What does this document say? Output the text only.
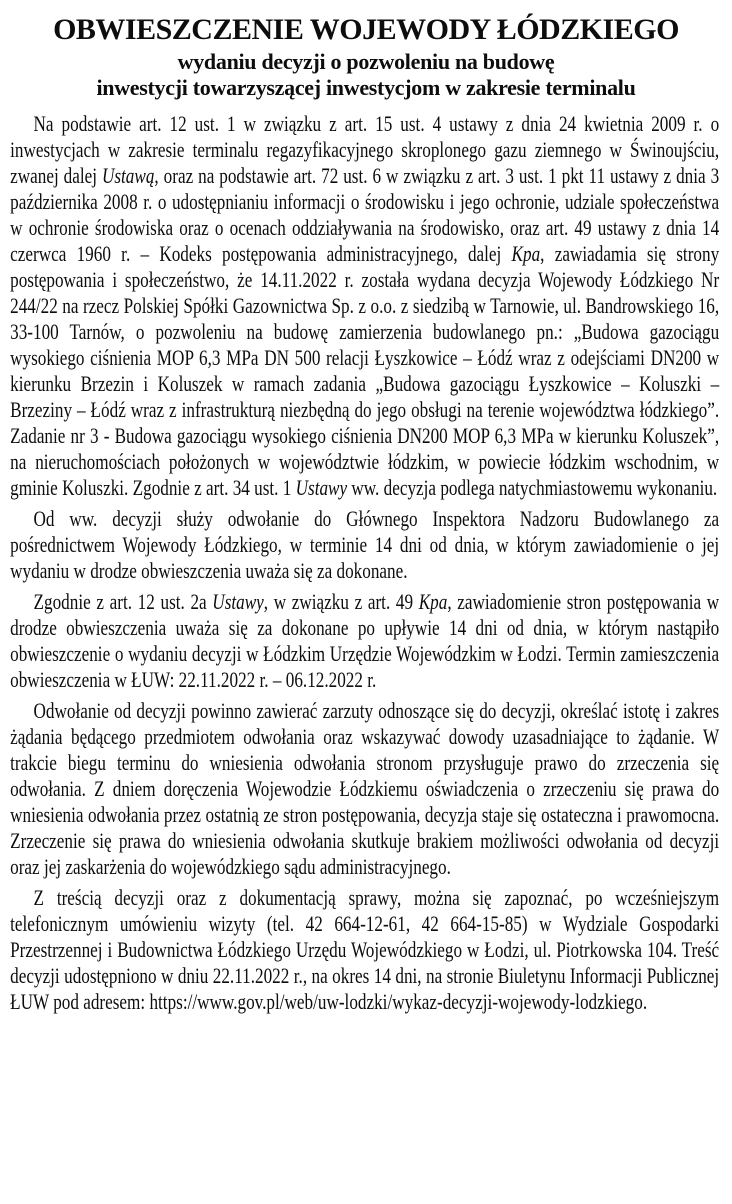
OBWIESZCZENIE WOJEWODY ŁÓDZKIEGO
wydaniu decyzji o pozwoleniu na budowę
inwestycji towarzyszącej inwestycjom w zakresie terminalu

Na podstawie art. 12 ust. 1 w związku z art. 15 ust. 4 ustawy z dnia 24 kwietnia 2009 r. o inwestycjach w zakresie terminalu regazyfikacyjnego skroplonego gazu ziemnego w Świnoujściu, zwanej dalej Ustawą, oraz na podstawie art. 72 ust. 6 w związku z art. 3 ust. 1 pkt 11 ustawy z dnia 3 października 2008 r. o udostępnianiu informacji o środowisku i jego ochronie, udziale społeczeństwa w ochronie środowiska oraz o ocenach oddziaływania na środowisko, oraz art. 49 ustawy z dnia 14 czerwca 1960 r. – Kodeks postępowania administracyjnego, dalej Kpa, zawiadamia się strony postępowania i społeczeństwo, że 14.11.2022 r. została wydana decyzja Wojewody Łódzkiego Nr 244/22 na rzecz Polskiej Spółki Gazownictwa Sp. z o.o. z siedzibą w Tarnowie, ul. Bandrowskiego 16, 33-100 Tarnów, o pozwoleniu na budowę zamierzenia budowlanego pn.: „Budowa gazociągu wysokiego ciśnienia MOP 6,3 MPa DN 500 relacji Łyszkowice – Łódź wraz z odejściami DN200 w kierunku Brzezin i Koluszek w ramach zadania „Budowa gazociągu Łyszkowice – Koluszki – Brzeziny – Łódź wraz z infrastrukturą niezbędną do jego obsługi na terenie województwa łódzkiego”. Zadanie nr 3 - Budowa gazociągu wysokiego ciśnienia DN200 MOP 6,3 MPa w kierunku Koluszek”, na nieruchomościach położonych w województwie łódzkim, w powiecie łódzkim wschodnim, w gminie Koluszki. Zgodnie z art. 34 ust. 1 Ustawy ww. decyzja podlega natychmiastowemu wykonaniu.

Od ww. decyzji służy odwołanie do Głównego Inspektora Nadzoru Budowlanego za pośrednictwem Wojewody Łódzkiego, w terminie 14 dni od dnia, w którym zawiadomienie o jej wydaniu w drodze obwieszczenia uważa się za dokonane.

Zgodnie z art. 12 ust. 2a Ustawy, w związku z art. 49 Kpa, zawiadomienie stron postępowania w drodze obwieszczenia uważa się za dokonane po upływie 14 dni od dnia, w którym nastąpiło obwieszczenie o wydaniu decyzji w Łódzkim Urzędzie Wojewódzkim w Łodzi. Termin zamieszczenia obwieszczenia w ŁUW: 22.11.2022 r. – 06.12.2022 r.

Odwołanie od decyzji powinno zawierać zarzuty odnoszące się do decyzji, określać istotę i zakres żądania będącego przedmiotem odwołania oraz wskazywać dowody uzasadniające to żądanie. W trakcie biegu terminu do wniesienia odwołania stronom przysługuje prawo do zrzeczenia się odwołania. Z dniem doręczenia Wojewodzie Łódzkiemu oświadczenia o zrzeczeniu się prawa do wniesienia odwołania przez ostatnią ze stron postępowania, decyzja staje się ostateczna i prawomocna. Zrzeczenie się prawa do wniesienia odwołania skutkuje brakiem możliwości odwołania od decyzji oraz jej zaskarżenia do wojewódzkiego sądu administracyjnego.

Z treścią decyzji oraz z dokumentacją sprawy, można się zapoznać, po wcześniejszym telefonicznym umówieniu wizyty (tel. 42 664-12-61, 42 664-15-85) w Wydziale Gospodarki Przestrzennej i Budownictwa Łódzkiego Urzędu Wojewódzkiego w Łodzi, ul. Piotrkowska 104. Treść decyzji udostępniono w dniu 22.11.2022 r., na okres 14 dni, na stronie Biuletynu Informacji Publicznej ŁUW pod adresem: https://www.gov.pl/web/uw-lodzki/wykaz-decyzji-wojewody-lodzkiego.
